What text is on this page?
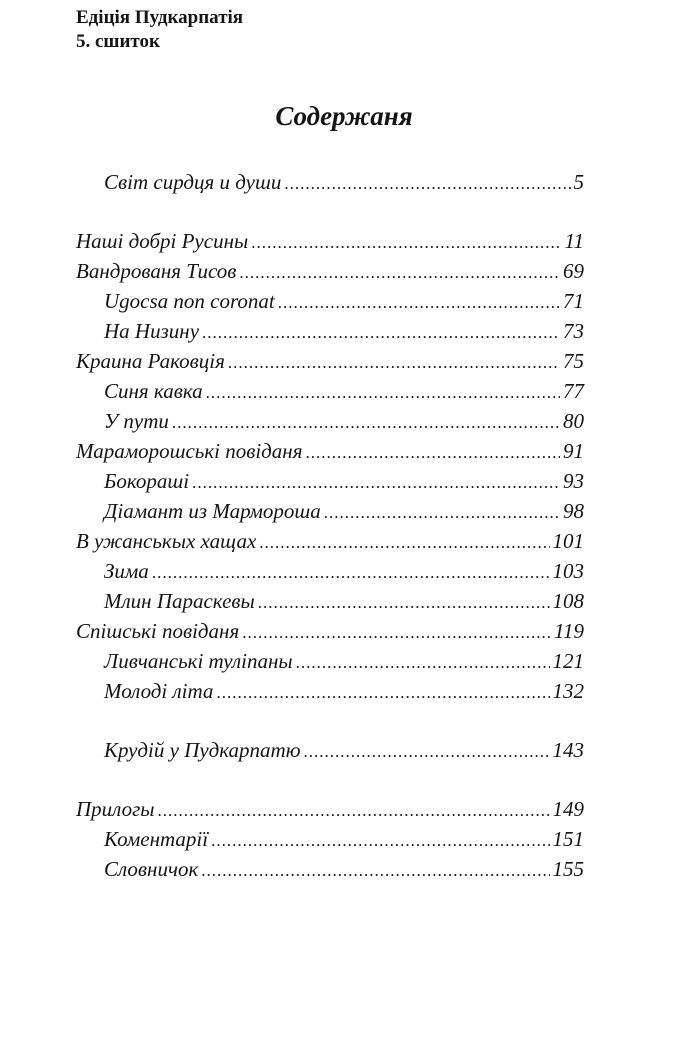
Едіція Пудкарпатія
5. сшиток
Содержаня
Світ сирдця и души .....	5
Наші добрі Русины .....	11
Вандрованя Тисов .....	69
Ugocsa non coronat .....	71
На Низину .....	73
Краина Раковція .....	75
Синя кавка .....	77
У пути .....	80
Мараморошські повіданя .....	91
Бокораші .....	93
Діамант из Мармороша .....	98
В ужанськых хащах .....	101
Зима .....	103
Млин Параскевы .....	108
Спішські повіданя .....	119
Ливчанські тулiпаны .....	121
Молоді літа .....	132
Крудій у Пудкарпатю .....	143
Прилогы .....	149
Коментарії .....	151
Словничок .....	155
